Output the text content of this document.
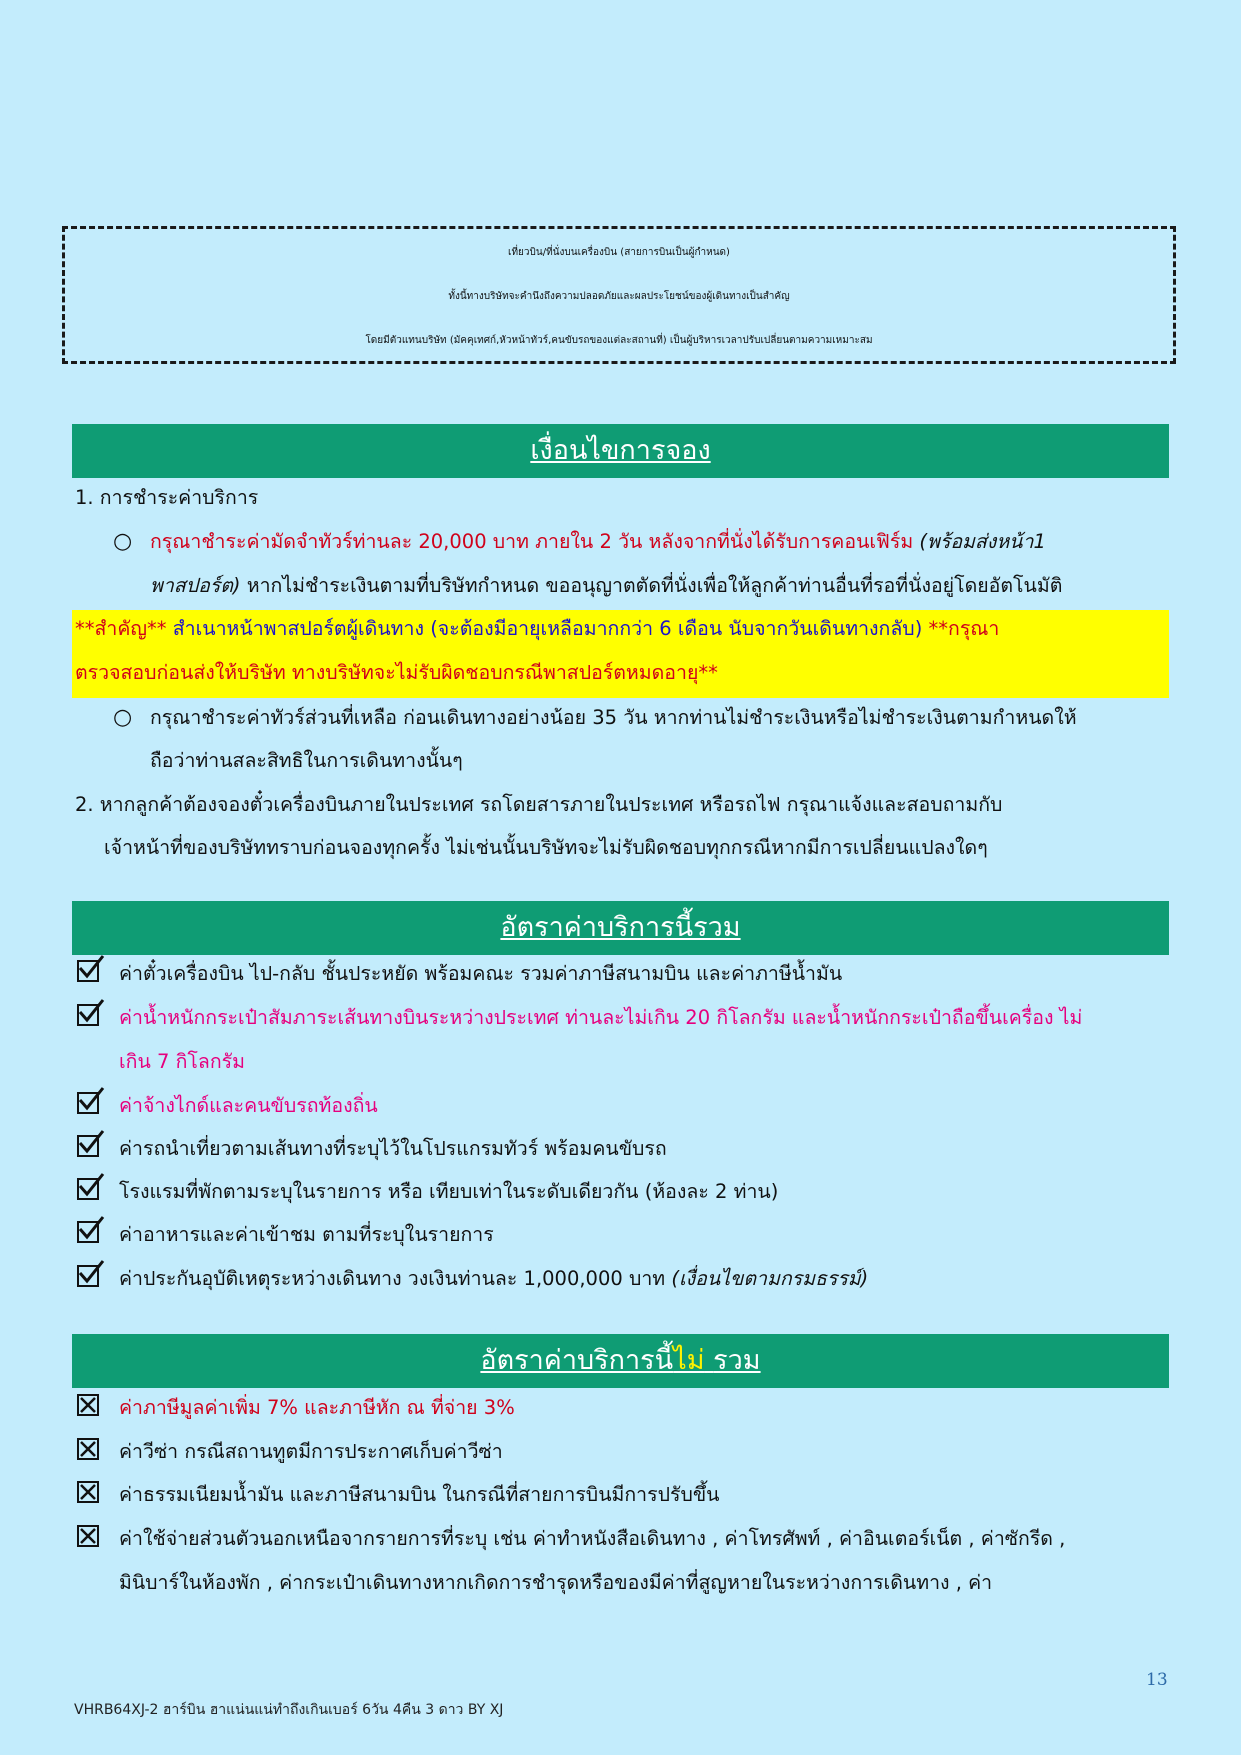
เที่ยวบิน/ที่นั่งบนเครื่องบิน (สายการบินเป็นผู้กำหนด)
ทั้งนี้ทางบริษัทจะคำนึงถึงความปลอดภัยและผลประโยชน์ของผู้เดินทางเป็นสำคัญ
โดยมีตัวแทนบริษัท (มัคคุเทศก์,หัวหน้าทัวร์,คนขับรถของแต่ละสถานที่) เป็นผู้บริหารเวลาปรับเปลี่ยนตามความเหมาะสม
เงื่อนไขการจอง
1. การชำระค่าบริการ
○ กรุณาชำระค่ามัดจำทัวร์ท่านละ 20,000 บาท ภายใน 2 วัน หลังจากที่นั่งได้รับการคอนเฟิร์ม (พร้อมส่งหน้า1
พาสปอร์ต) หากไม่ชำระเงินตามที่บริษัทกำหนด ขออนุญาตตัดที่นั่งเพื่อให้ลูกค้าท่านอื่นที่รอที่นั่งอยู่โดยอัตโนมัติ
**สำคัญ** สำเนาหน้าพาสปอร์ตผู้เดินทาง (จะต้องมีอายุเหลือมากกว่า 6 เดือน นับจากวันเดินทางกลับ) **กรุณา
ตรวจสอบก่อนส่งให้บริษัท ทางบริษัทจะไม่รับผิดชอบกรณีพาสปอร์ตหมดอายุ**
○ กรุณาชำระค่าทัวร์ส่วนที่เหลือ ก่อนเดินทางอย่างน้อย 35 วัน หากท่านไม่ชำระเงินหรือไม่ชำระเงินตามกำหนดให้
ถือว่าท่านสละสิทธิในการเดินทางนั้นๆ
2. หากลูกค้าต้องจองตั๋วเครื่องบินภายในประเทศ รถโดยสารภายในประเทศ หรือรถไฟ กรุณาแจ้งและสอบถามกับ
เจ้าหน้าที่ของบริษัททราบก่อนจองทุกครั้ง ไม่เช่นนั้นบริษัทจะไม่รับผิดชอบทุกกรณีหากมีการเปลี่ยนแปลงใดๆ
อัตราค่าบริการนี้รวม
ค่าตั๋วเครื่องบิน ไป-กลับ ชั้นประหยัด พร้อมคณะ รวมค่าภาษีสนามบิน และค่าภาษีน้ำมัน
ค่าน้ำหนักกระเป๋าสัมภาระเส้นทางบินระหว่างประเทศ ท่านละไม่เกิน 20 กิโลกรัม และน้ำหนักกระเป๋าถือขึ้นเครื่อง ไม่
เกิน 7 กิโลกรัม
ค่าจ้างไกด์และคนขับรถท้องถิ่น
ค่ารถนำเที่ยวตามเส้นทางที่ระบุไว้ในโปรแกรมทัวร์ พร้อมคนขับรถ
โรงแรมที่พักตามระบุในรายการ หรือ เทียบเท่าในระดับเดียวกัน (ห้องละ 2 ท่าน)
ค่าอาหารและค่าเข้าชม ตามที่ระบุในรายการ
ค่าประกันอุบัติเหตุระหว่างเดินทาง วงเงินท่านละ 1,000,000 บาท (เงื่อนไขตามกรมธรรม์)
อัตราค่าบริการนี้ไม่ รวม
ค่าภาษีมูลค่าเพิ่ม 7% และภาษีหัก ณ ที่จ่าย 3%
ค่าวีซ่า กรณีสถานทูตมีการประกาศเก็บค่าวีซ่า
ค่าธรรมเนียมน้ำมัน และภาษีสนามบิน ในกรณีที่สายการบินมีการปรับขึ้น
ค่าใช้จ่ายส่วนตัวนอกเหนือจากรายการที่ระบุ เช่น ค่าทำหนังสือเดินทาง , ค่าโทรศัพท์ , ค่าอินเตอร์เน็ต , ค่าซักรีด ,
มินิบาร์ในห้องพัก , ค่ากระเป๋าเดินทางหากเกิดการชำรุดหรือของมีค่าที่สูญหายในระหว่างการเดินทาง , ค่า
13
VHRB64XJ-2 ฮาร์บิน ฮาแน่นแน่ทำถึงเกินเบอร์ 6วัน 4คืน 3 ดาว BY XJ
